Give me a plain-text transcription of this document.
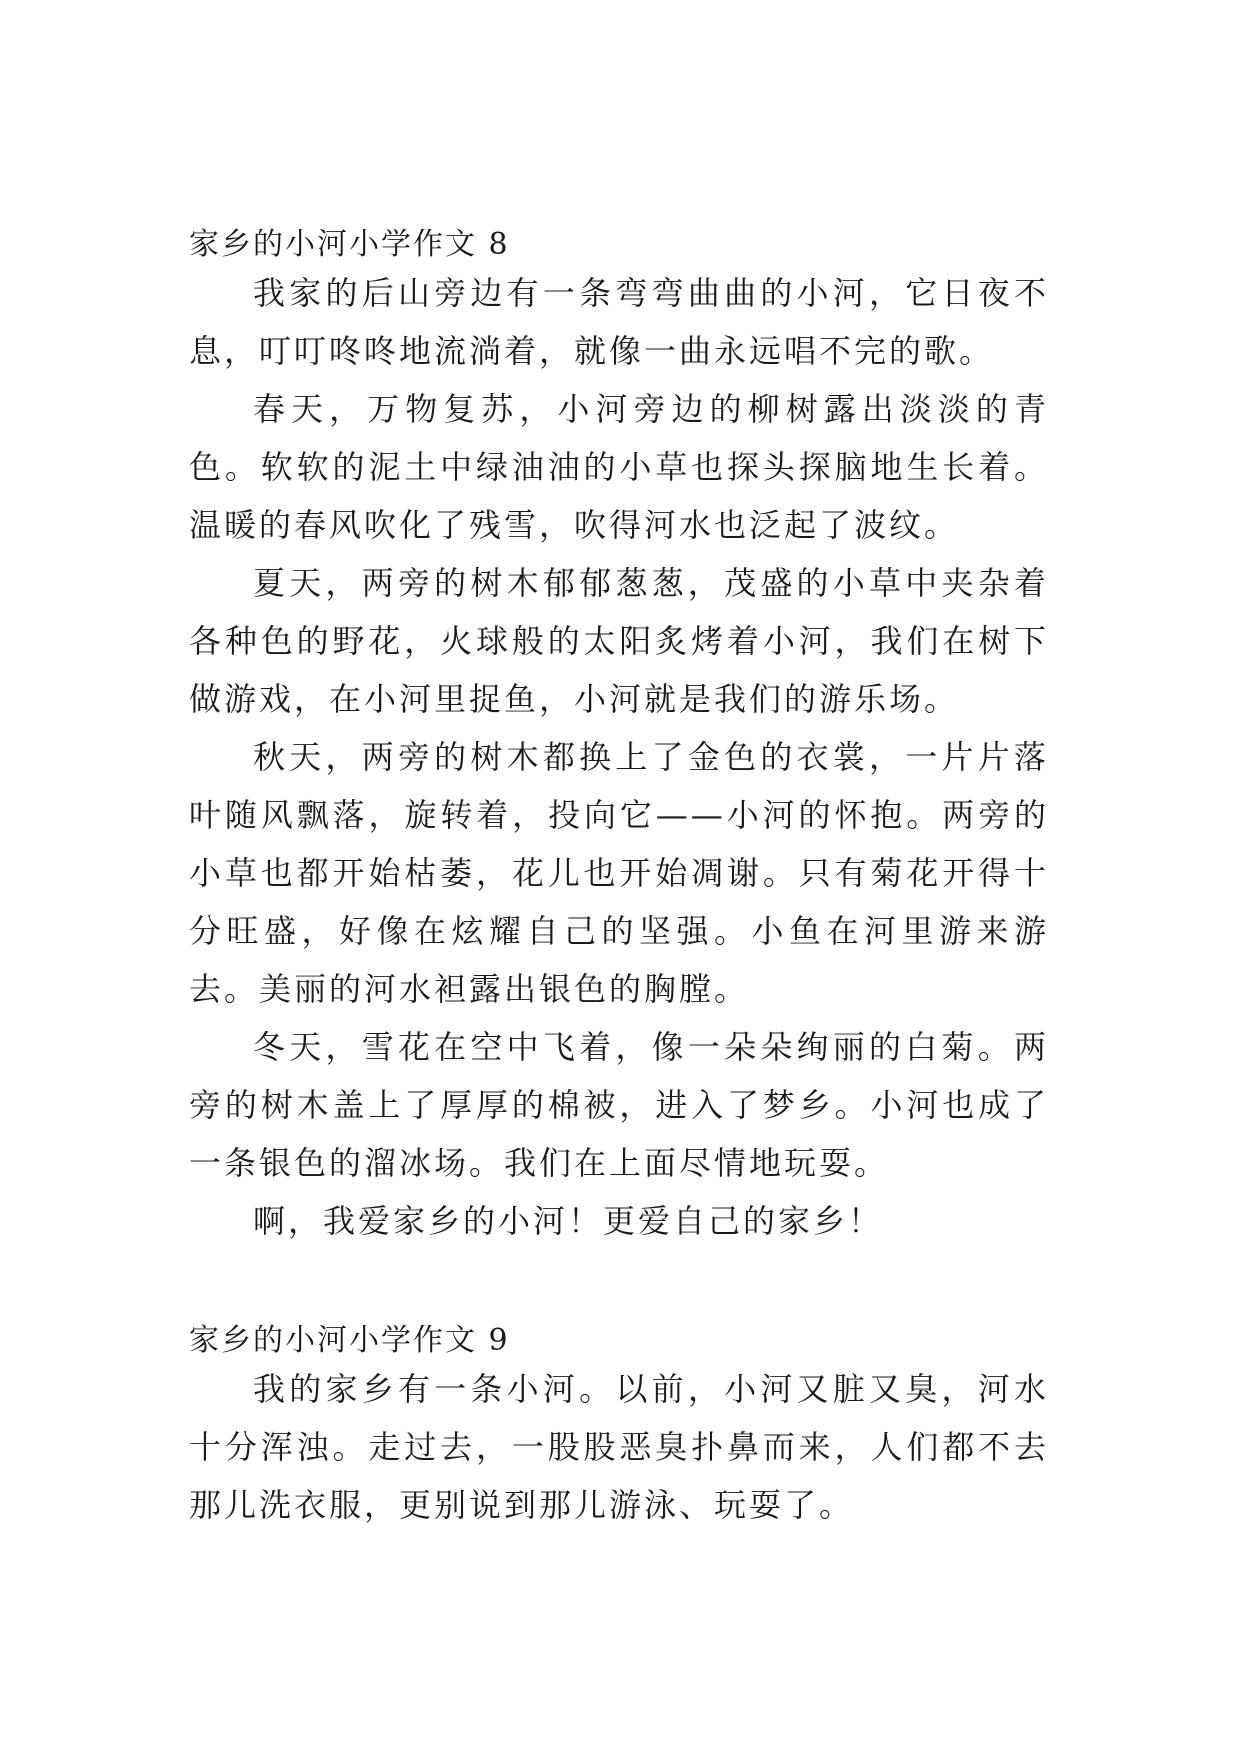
家乡的小河小学作文 8

我家的后山旁边有一条弯弯曲曲的小河，它日夜不息，叮叮咚咚地流淌着，就像一曲永远唱不完的歌。

春天，万物复苏，小河旁边的柳树露出淡淡的青色。软软的泥土中绿油油的小草也探头探脑地生长着。温暖的春风吹化了残雪，吹得河水也泛起了波纹。

夏天，两旁的树木郁郁葱葱，茂盛的小草中夹杂着各种色的野花，火球般的太阳炙烤着小河，我们在树下做游戏，在小河里捉鱼，小河就是我们的游乐场。

秋天，两旁的树木都换上了金色的衣裳，一片片落叶随风飘落，旋转着，投向它——小河的怀抱。两旁的小草也都开始枯萎，花儿也开始凋谢。只有菊花开得十分旺盛，好像在炫耀自己的坚强。小鱼在河里游来游去。美丽的河水袒露出银色的胸膛。

冬天，雪花在空中飞着，像一朵朵绚丽的白菊。两旁的树木盖上了厚厚的棉被，进入了梦乡。小河也成了一条银色的溜冰场。我们在上面尽情地玩耍。

啊，我爱家乡的小河！更爱自己的家乡！

家乡的小河小学作文 9

我的家乡有一条小河。以前，小河又脏又臭，河水十分浑浊。走过去，一股股恶臭扑鼻而来，人们都不去那儿洗衣服，更别说到那儿游泳、玩耍了。
